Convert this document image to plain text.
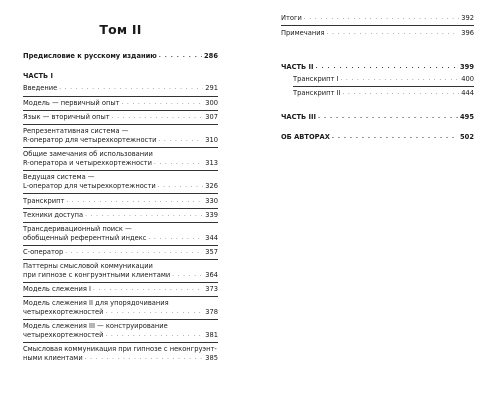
Том II
Предисловие к русскому изданию . . .	286
ЧАСТЬ I
Введение . . .	291
Модель — первичный опыт . . .	300
Язык — вторичный опыт . . .	307
Репрезентативная система —
R-оператор для четырехкортежности . . .	310
Общие замечания об использовании
R-оператора и четырехкортежности . . .	313
Ведущая система —
L-оператор для четырехкортежности . . .	326
Транскрипт . . .	330
Техники доступа . . .	339
Трансдеривационный поиск —
обобщенный референтный индекс . . .	344
C-оператор . . .	357
Паттерны смысловой коммуникации
при гипнозе с конгруэнтными клиентами . . .	364
Модель слежения I . . .	373
Модель слежения II для упорядочивания
четырехкортежностей . . .	378
Модель слежения III — конструирование
четырехкортежностей . . .	381
Смысловая коммуникация при гипнозе с неконгруэнт-
ными клиентами . . .	385
Итоги . . .	392
Примечания . . .	396
ЧАСТЬ II . . .	399
Транскрипт I . . .	400
Транскрипт II . . .	444
ЧАСТЬ III . . .	495
ОБ АВТОРАХ . . .	502
